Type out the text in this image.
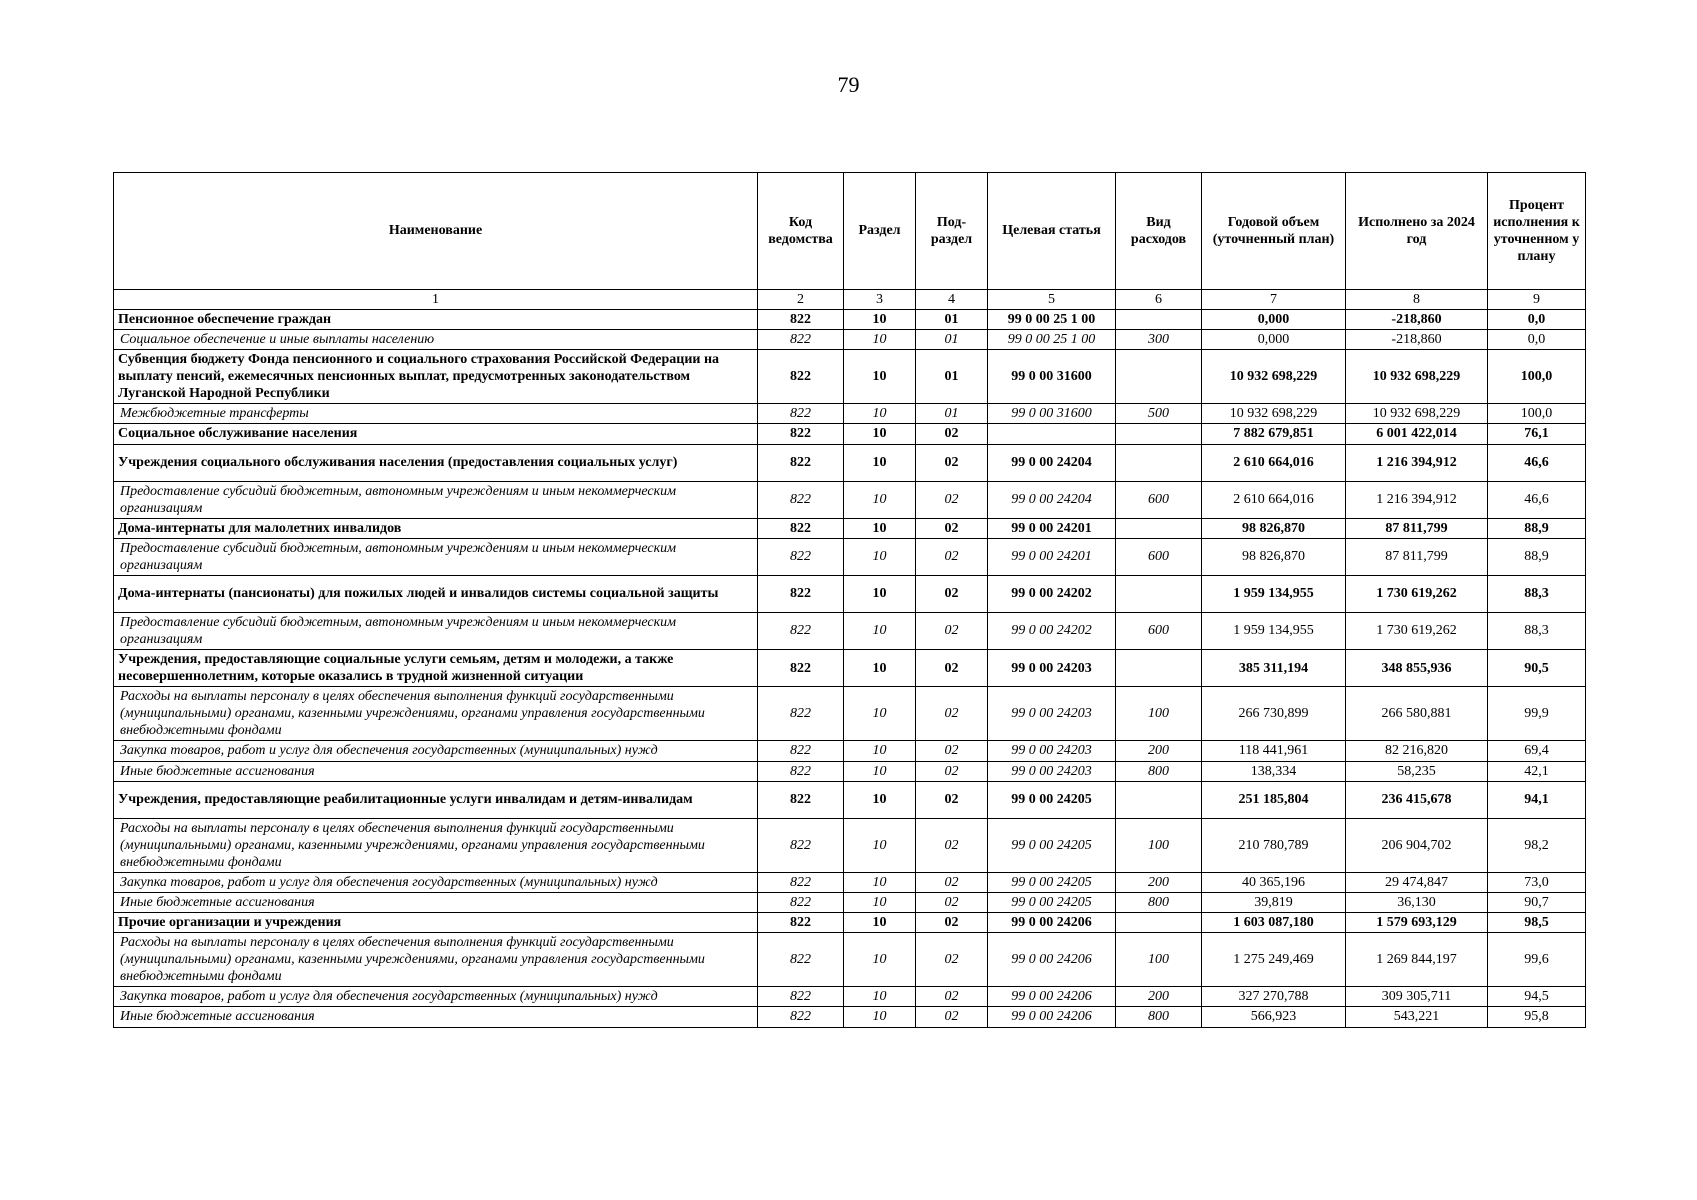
79
Наименование	Код ведомства	Раздел	Под-раздел	Целевая статья	Вид расходов	Годовой объем (уточненный план)	Исполнено за 2024 год	Процент исполнения к уточненном у плану
1	2	3	4	5	6	7	8	9
Пенсионное обеспечение граждан	822	10	01	99 0 00 25 1 00		0,000	-218,860	0,0
Социальное обеспечение и иные выплаты населению	822	10	01	99 0 00 25 1 00	300	0,000	-218,860	0,0
Субвенция бюджету Фонда пенсионного и социального страхования Российской Федерации на выплату пенсий, ежемесячных пенсионных выплат, предусмотренных законодательством Луганской Народной Республики	822	10	01	99 0 00 31600		10 932 698,229	10 932 698,229	100,0
Межбюджетные трансферты	822	10	01	99 0 00 31600	500	10 932 698,229	10 932 698,229	100,0
Социальное обслуживание населения	822	10	02			7 882 679,851	6 001 422,014	76,1
Учреждения социального обслуживания населения (предоставления социальных услуг)	822	10	02	99 0 00 24204		2 610 664,016	1 216 394,912	46,6
Предоставление субсидий бюджетным, автономным учреждениям и иным некоммерческим организациям	822	10	02	99 0 00 24204	600	2 610 664,016	1 216 394,912	46,6
Дома-интернаты для малолетних инвалидов	822	10	02	99 0 00 24201		98 826,870	87 811,799	88,9
Предоставление субсидий бюджетным, автономным учреждениям и иным некоммерческим организациям	822	10	02	99 0 00 24201	600	98 826,870	87 811,799	88,9
Дома-интернаты (пансионаты) для пожилых людей и инвалидов системы социальной защиты	822	10	02	99 0 00 24202		1 959 134,955	1 730 619,262	88,3
Предоставление субсидий бюджетным, автономным учреждениям и иным некоммерческим организациям	822	10	02	99 0 00 24202	600	1 959 134,955	1 730 619,262	88,3
Учреждения, предоставляющие социальные услуги семьям, детям и молодежи, а также несовершеннолетним, которые оказались в трудной жизненной ситуации	822	10	02	99 0 00 24203		385 311,194	348 855,936	90,5
Расходы на выплаты персоналу в целях обеспечения выполнения функций государственными (муниципальными) органами, казенными учреждениями, органами управления государственными внебюджетными фондами	822	10	02	99 0 00 24203	100	266 730,899	266 580,881	99,9
Закупка товаров, работ и услуг для обеспечения государственных (муниципальных) нужд	822	10	02	99 0 00 24203	200	118 441,961	82 216,820	69,4
Иные бюджетные ассигнования	822	10	02	99 0 00 24203	800	138,334	58,235	42,1
Учреждения, предоставляющие реабилитационные услуги инвалидам и детям-инвалидам	822	10	02	99 0 00 24205		251 185,804	236 415,678	94,1
Расходы на выплаты персоналу в целях обеспечения выполнения функций государственными (муниципальными) органами, казенными учреждениями, органами управления государственными внебюджетными фондами	822	10	02	99 0 00 24205	100	210 780,789	206 904,702	98,2
Закупка товаров, работ и услуг для обеспечения государственных (муниципальных) нужд	822	10	02	99 0 00 24205	200	40 365,196	29 474,847	73,0
Иные бюджетные ассигнования	822	10	02	99 0 00 24205	800	39,819	36,130	90,7
Прочие организации и учреждения	822	10	02	99 0 00 24206		1 603 087,180	1 579 693,129	98,5
Расходы на выплаты персоналу в целях обеспечения выполнения функций государственными (муниципальными) органами, казенными учреждениями, органами управления государственными внебюджетными фондами	822	10	02	99 0 00 24206	100	1 275 249,469	1 269 844,197	99,6
Закупка товаров, работ и услуг для обеспечения государственных (муниципальных) нужд	822	10	02	99 0 00 24206	200	327 270,788	309 305,711	94,5
Иные бюджетные ассигнования	822	10	02	99 0 00 24206	800	566,923	543,221	95,8
